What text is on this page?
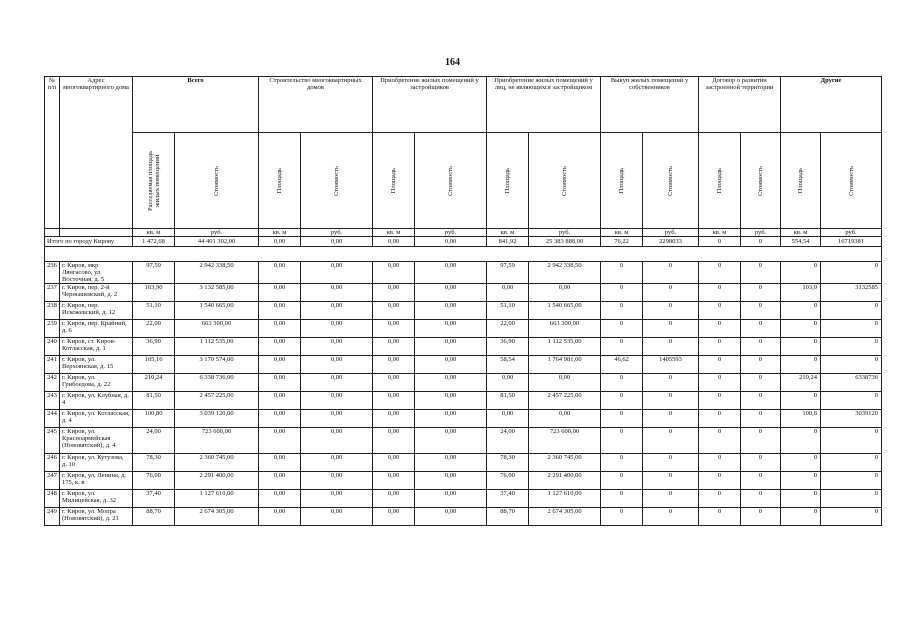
164
№ п/п	Адрес многоквартирного дома	Всего		Строительство многоквартирных домов		Приобретение жилых помещений у застройщиков		Приобретение жилых помещений у лиц, не являющихся застройщиком		Выкуп жилых помещений у собственников		Договор о развитии застроенной территории		Другие	

		Расселяемая площадь жилых помещений	Стоимость	Площадь	Стоимость	Площадь	Стоимость	Площадь	Стоимость	Площадь	Стоимость	Площадь	Стоимость	Площадь	Стоимость

		кв. м	руб.	кв. м	руб.	кв. м	руб.	кв. м	руб.	кв. м	руб.	кв. м	руб.	кв. м	руб.
Итого по городу Кирову		1 472,68	44 401 302,00	0,00	0,00	0,00	0,00	841,92	25 383 888,00	76,22	2298033	0	0	554,54	16719381

236	г. Киров, мкр Лянгасово, ул. Восточная, д. 5	97,59	2 942 338,50	0,00	0,00	0,00	0,00	97,59	2 942 338,50	0	0	0	0	0	0
237	г. Киров, пер. 2-й Чернышевский, д. 2	103,90	3 132 585,00	0,00	0,00	0,00	0,00	0,00	0,00	0	0	0	0	103,9	3132585
238	г. Киров, пер. Искожевский, д. 12	51,10	1 540 665,00	0,00	0,00	0,00	0,00	51,10	1 540 665,00	0	0	0	0	0	0
239	г. Киров, пер. Крайний, д. 6	22,00	663 300,00	0,00	0,00	0,00	0,00	22,00	663 300,00	0	0	0	0	0	0
240	г. Киров, ст. Киров-Котласская, д. 1	36,90	1 112 535,00	0,00	0,00	0,00	0,00	36,90	1 112 535,00	0	0	0	0	0	0
241	г. Киров, ул. Верхоянская, д. 15	105,16	3 170 574,00	0,00	0,00	0,00	0,00	58,54	1 764 981,00	46,62	1405593	0	0	0	0
242	г. Киров, ул. Грибоедова, д. 22	210,24	6 338 736,00	0,00	0,00	0,00	0,00	0,00	0,00	0	0	0	0	210,24	6338736
243	г. Киров, ул. Клубная, д. 4	81,50	2 457 225,00	0,00	0,00	0,00	0,00	81,50	2 457 225,00	0	0	0	0	0	0
244	г. Киров, ул. Котласская, д. 4	100,80	3 039 120,00	0,00	0,00	0,00	0,00	0,00	0,00	0	0	0	0	100,8	3039120
245	г. Киров, ул. Красноармейская (Нововятский), д. 4	24,00	723 600,00	0,00	0,00	0,00	0,00	24,00	723 600,00	0	0	0	0	0	0
246	г. Киров, ул. Кутузова, д. 10	78,30	2 360 745,00	0,00	0,00	0,00	0,00	78,30	2 360 745,00	0	0	0	0	0	0
247	г. Киров, ул. Ленина, д. 175, к. в	76,00	2 291 400,00	0,00	0,00	0,00	0,00	76,00	2 291 400,00	0	0	0	0	0	0
248	г. Киров, ул. Милицейская, д. 32	37,40	1 127 610,00	0,00	0,00	0,00	0,00	37,40	1 127 610,00	0	0	0	0	0	0
249	г. Киров, ул. Мопра (Нововятский), д. 21	88,70	2 674 305,00	0,00	0,00	0,00	0,00	88,70	2 674 305,00	0	0	0	0	0	0
